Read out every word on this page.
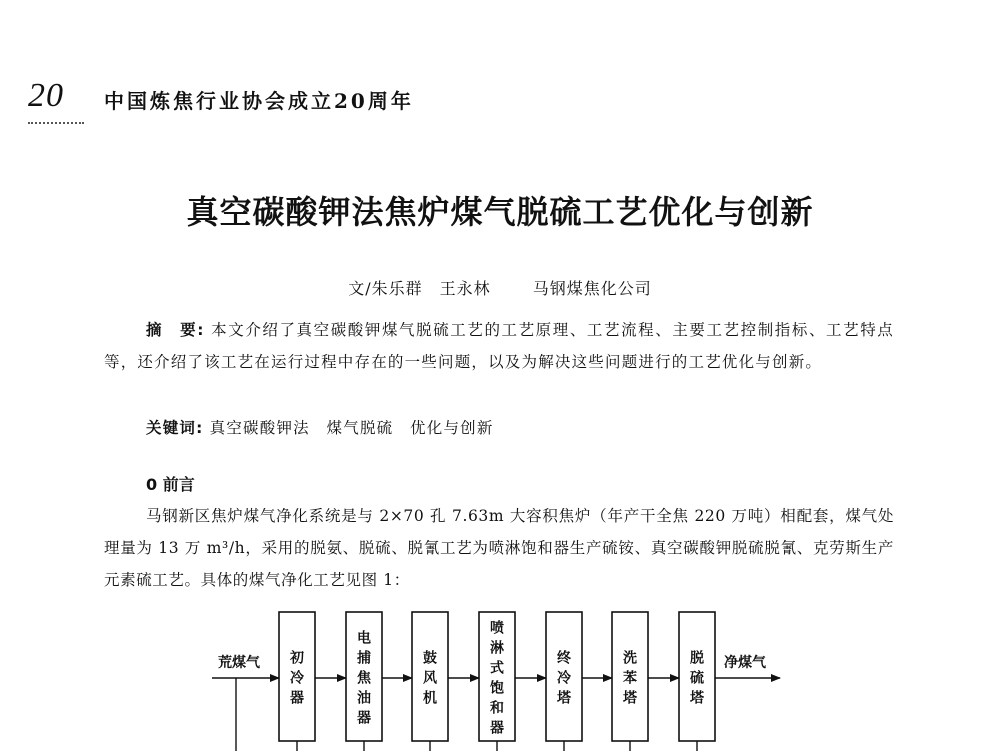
20 中国炼焦行业协会成立20周年
真空碳酸钾法焦炉煤气脱硫工艺优化与创新
文/朱乐群　王永林	马钢煤焦化公司
摘　要: 本文介绍了真空碳酸钾煤气脱硫工艺的工艺原理、工艺流程、主要工艺控制指标、工艺特点等，还介绍了该工艺在运行过程中存在的一些问题，以及为解决这些问题进行的工艺优化与创新。
关键词: 真空碳酸钾法　煤气脱硫　优化与创新
0 前言
马钢新区焦炉煤气净化系统是与 2×70 孔 7.63m 大容积焦炉（年产干全焦 220 万吨）相配套，煤气处理量为 13 万 m³/h，采用的脱氨、脱硫、脱氰工艺为喷淋饱和器生产硫铵、真空碳酸钾脱硫脱氰、克劳斯生产元素硫工艺。具体的煤气净化工艺见图 1：
荒煤气	净煤气
初
冷
器
电
捕
焦
油
器
鼓
风
机
喷
淋
式
饱
和
器
终
冷
塔
洗
苯
塔
脱
硫
塔
